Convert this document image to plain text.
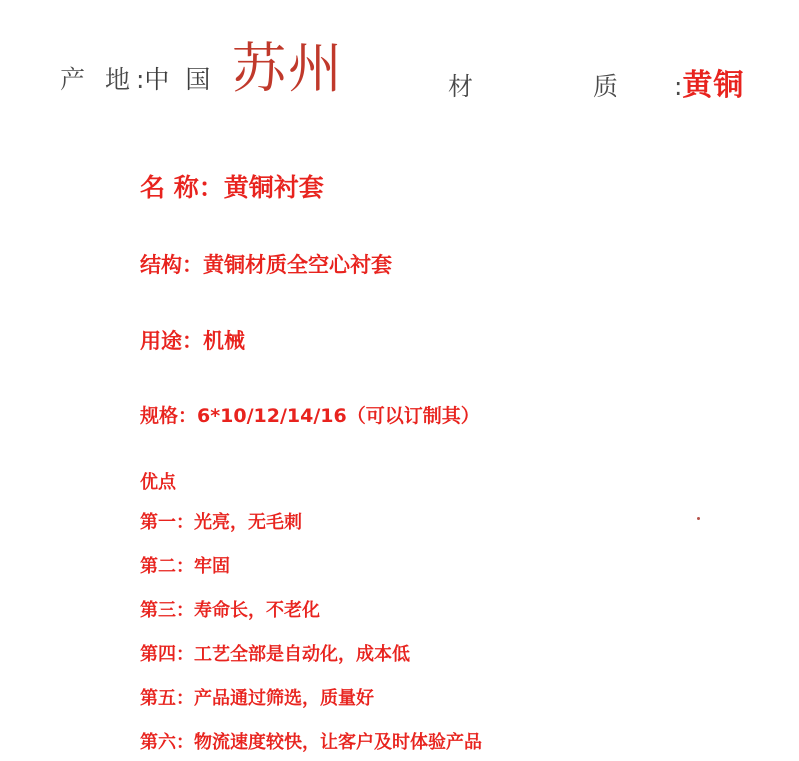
产 地:中 国 苏州	材 质:黄铜
名 称：黄铜衬套
结构：黄铜材质全空心衬套
用途：机械
规格：6*10/12/14/16（可以订制其）
优点
第一：光亮，无毛刺
第二：牢固
第三：寿命长，不老化
第四：工艺全部是自动化，成本低
第五：产品通过筛选，质量好
第六：物流速度较快，让客户及时体验产品
